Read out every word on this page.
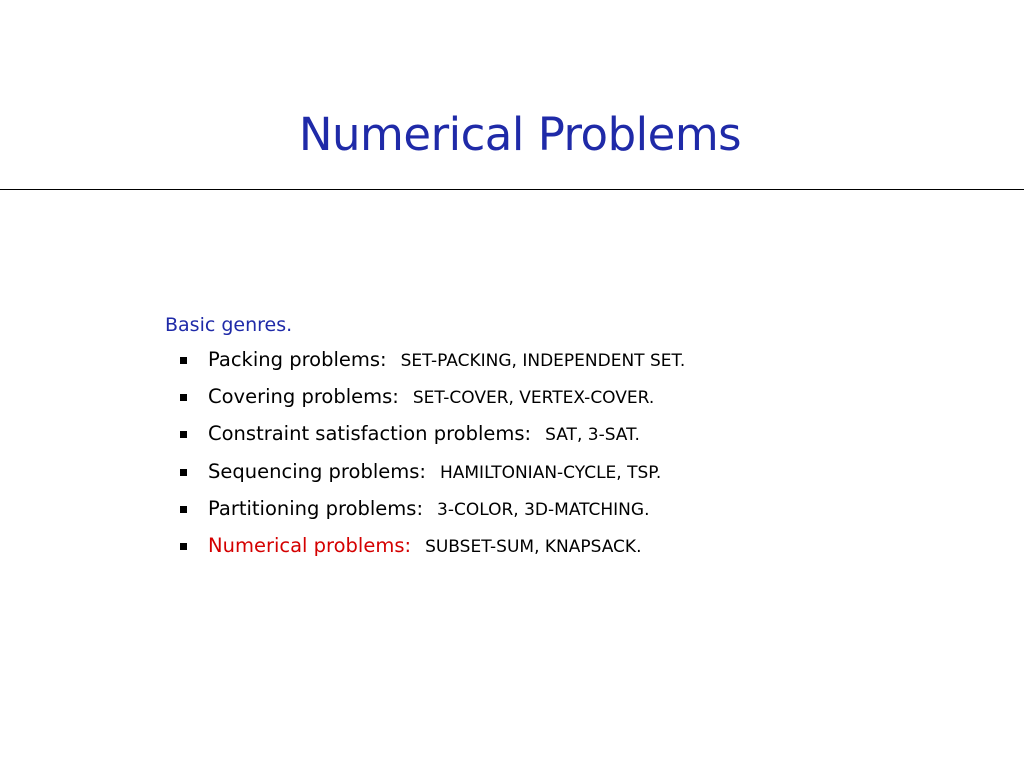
Numerical Problems
Basic genres.
Packing problems: SET-PACKING, INDEPENDENT SET.
Covering problems: SET-COVER, VERTEX-COVER.
Constraint satisfaction problems: SAT, 3-SAT.
Sequencing problems: HAMILTONIAN-CYCLE, TSP.
Partitioning problems: 3-COLOR, 3D-MATCHING.
Numerical problems: SUBSET-SUM, KNAPSACK.
